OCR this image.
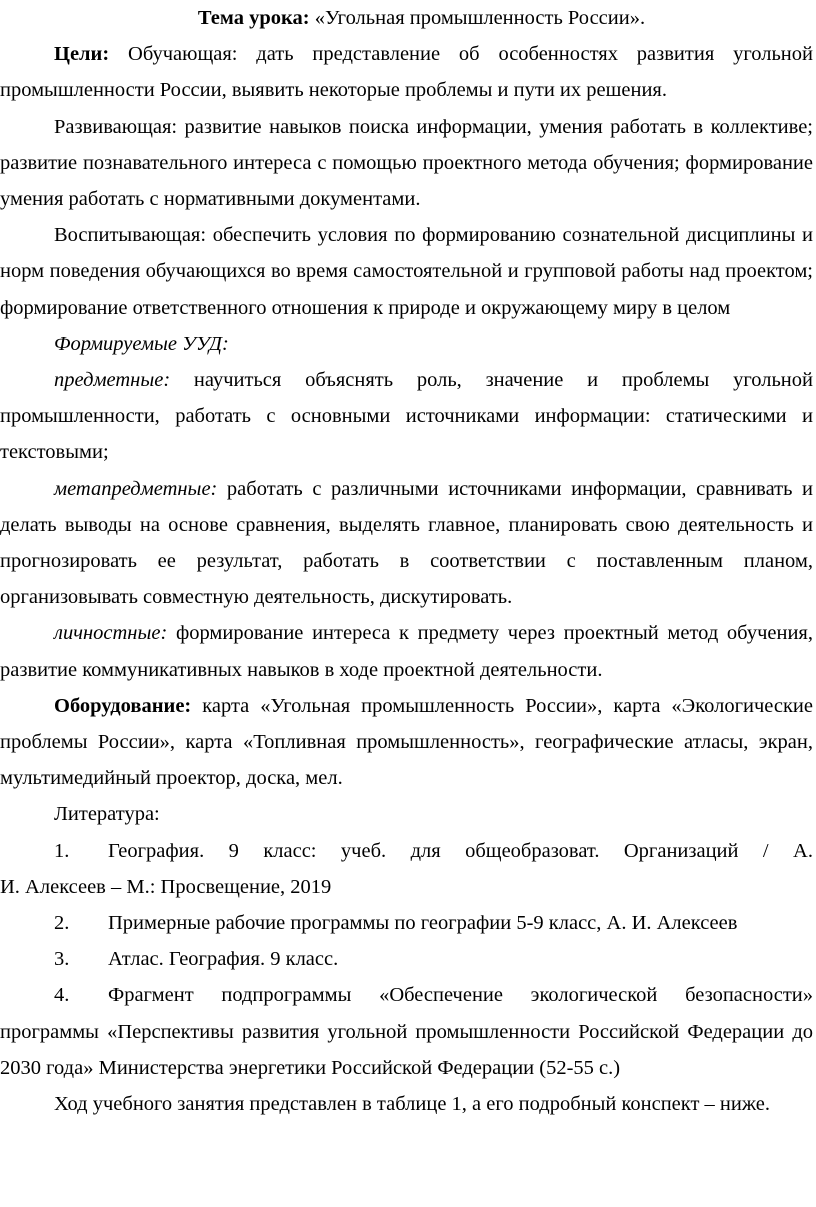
Тема урока: «Угольная промышленность России».

Цели: Обучающая: дать представление об особенностях развития угольной промышленности России, выявить некоторые проблемы и пути их решения.

Развивающая: развитие навыков поиска информации, умения работать в коллективе; развитие познавательного интереса с помощью проектного метода обучения; формирование умения работать с нормативными документами.

Воспитывающая: обеспечить условия по формированию сознательной дисциплины и норм поведения обучающихся во время самостоятельной и групповой работы над проектом; формирование ответственного отношения к природе и окружающему миру в целом

Формируемые УУД:

предметные: научиться объяснять роль, значение и проблемы угольной промышленности, работать с основными источниками информации: статическими и текстовыми;

метапредметные: работать с различными источниками информации, сравнивать и делать выводы на основе сравнения, выделять главное, планировать свою деятельность и прогнозировать ее результат, работать в соответствии с поставленным планом, организовывать совместную деятельность, дискутировать.

личностные: формирование интереса к предмету через проектный метод обучения, развитие коммуникативных навыков в ходе проектной деятельности.

Оборудование: карта «Угольная промышленность России», карта «Экологические проблемы России», карта «Топливная промышленность», географические атласы, экран, мультимедийный проектор, доска, мел.

Литература:

1.	География. 9 класс: учеб. для общеобразоват. Организаций / А.

И. Алексеев – М.: Просвещение, 2019

2.	Примерные рабочие программы по географии 5-9 класс, А. И. Алексеев
3.	Атлас. География. 9 класс.
4.	Фрагмент подпрограммы «Обеспечение экологической безопасности»

программы «Перспективы развития угольной промышленности Российской Федерации до 2030 года» Министерства энергетики Российской Федерации (52-55 с.)

Ход учебного занятия представлен в таблице 1, а его подробный конспект – ниже.
